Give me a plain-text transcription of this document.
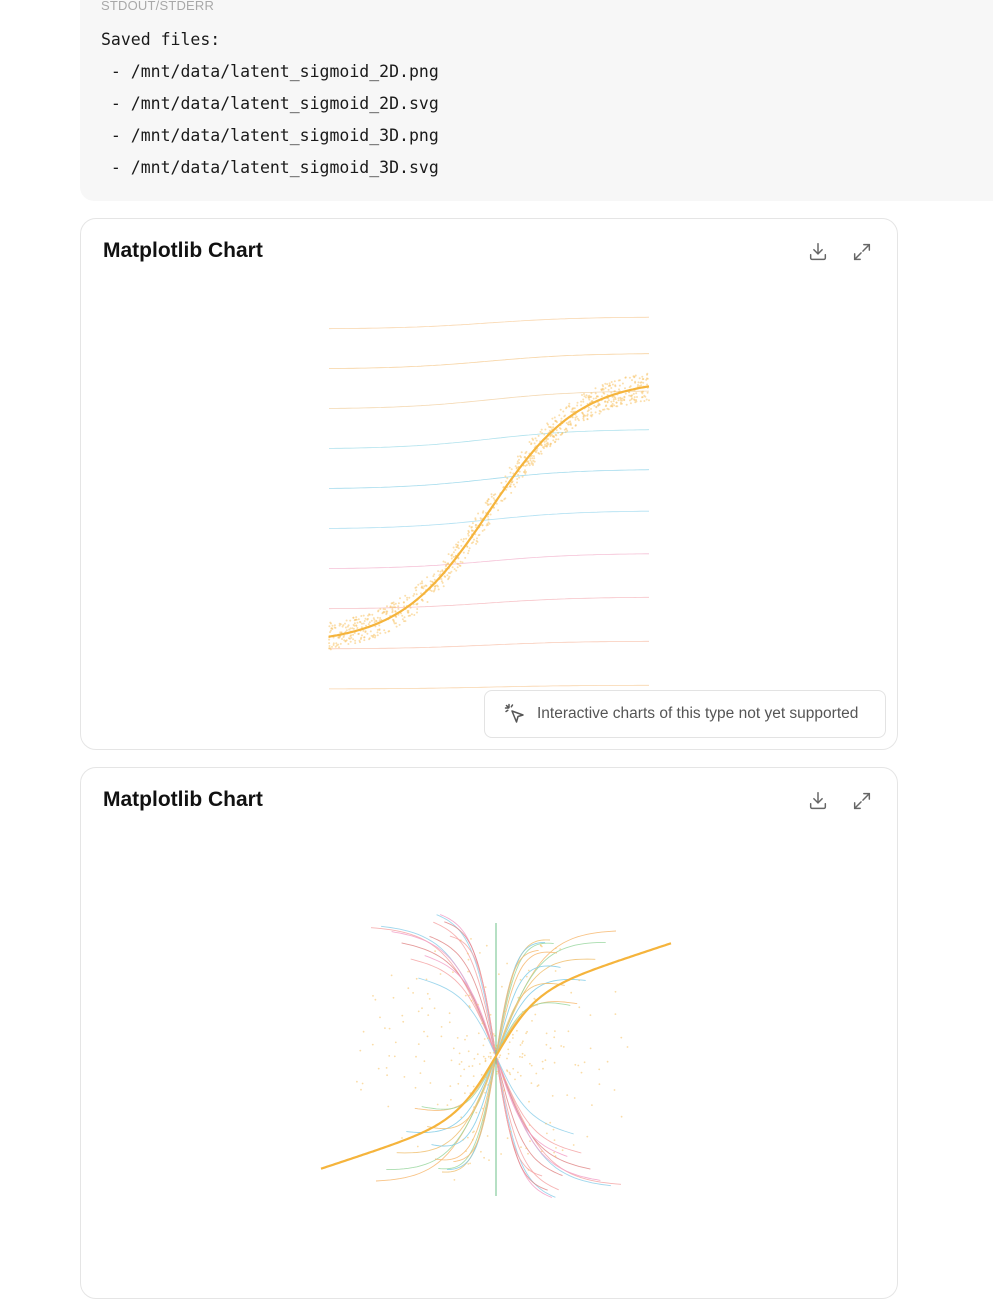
STDOUT/STDERR
Saved files:
- /mnt/data/latent_sigmoid_2D.png
- /mnt/data/latent_sigmoid_2D.svg
- /mnt/data/latent_sigmoid_3D.png
- /mnt/data/latent_sigmoid_3D.svg
Matplotlib Chart
Interactive charts of this type not yet supported
Matplotlib Chart
